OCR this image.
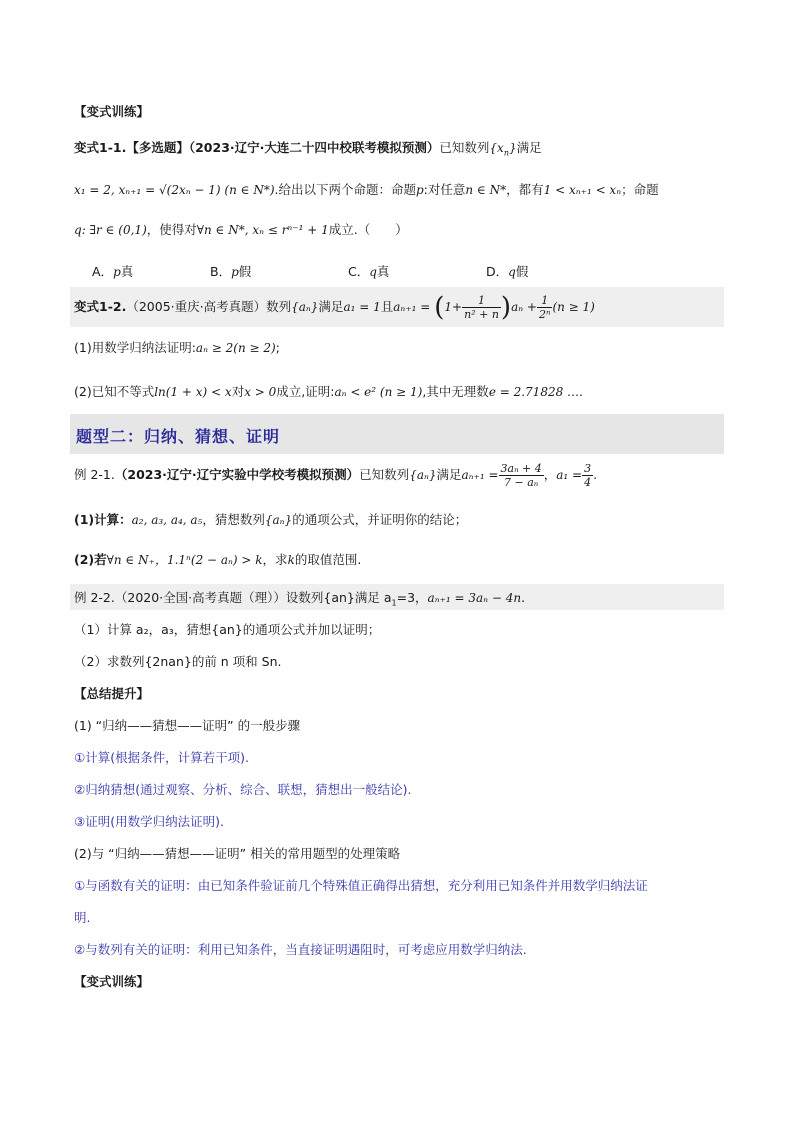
【变式训练】
变式1-1.【多选题】（2023·辽宁·大连二十四中校联考模拟预测）已知数列$\{x_n\}$满足
x₁ = 2, xₙ₊₁ = √(2xₙ − 1) (n ∈ N*).给出以下两个命题：命题p:对任意n ∈ N*，都有1 < xₙ₊₁ < xₙ；命题
q: ∃r ∈ (0,1)，使得对∀n ∈ N*, xₙ ≤ rⁿ⁻¹ + 1成立.（　　）
A．p真	B．p假	C．q真	D．q假
变式1-2.（2005·重庆·高考真题）数列{aₙ}满足a₁ = 1且$a_{n+1} = (1+ \frac{1}{\text{n² + n}} )a_n + \frac{1}{\text{2ⁿ}} (n \ge 1)$
(1)用数学归纳法证明:aₙ ≥ 2(n ≥ 2);
(2)已知不等式ln(1 + x) < x对x > 0成立,证明:aₙ < e² (n ≥ 1),其中无理数e = 2.71828 ….
题型二：归纳、猜想、证明
例 2-1.（2023·辽宁·辽宁实验中学校考模拟预测）已知数列{aₙ}满足$a_{n+1} = \frac{\text{3aₙ + 4}}{\text{7 − aₙ}}$ ，$a_1 = \frac{3}{4}$ .
(1)计算：a₂, a₃, a₄, a₅，猜想数列{aₙ}的通项公式，并证明你的结论；
(2)若∀n ∈ N₊，1.1ⁿ(2 − aₙ) > k，求k的取值范围.
例 2-2.（2020·全国·高考真题（理））设数列{an}满足 $a_1=3$，aₙ₊₁ = 3aₙ − 4n.
（1）计算 a₂，a₃，猜想{an}的通项公式并加以证明；
（2）求数列{2nan}的前 n 项和 Sn.
【总结提升】
(1) “归纳——猜想——证明” 的一般步骤
①计算(根据条件，计算若干项).
②归纳猜想(通过观察、分析、综合、联想，猜想出一般结论).
③证明(用数学归纳法证明).
(2)与 “归纳——猜想——证明” 相关的常用题型的处理策略
①与函数有关的证明：由已知条件验证前几个特殊值正确得出猜想，充分利用已知条件并用数学归纳法证
明.
②与数列有关的证明：利用已知条件，当直接证明遇阻时，可考虑应用数学归纳法.
【变式训练】
